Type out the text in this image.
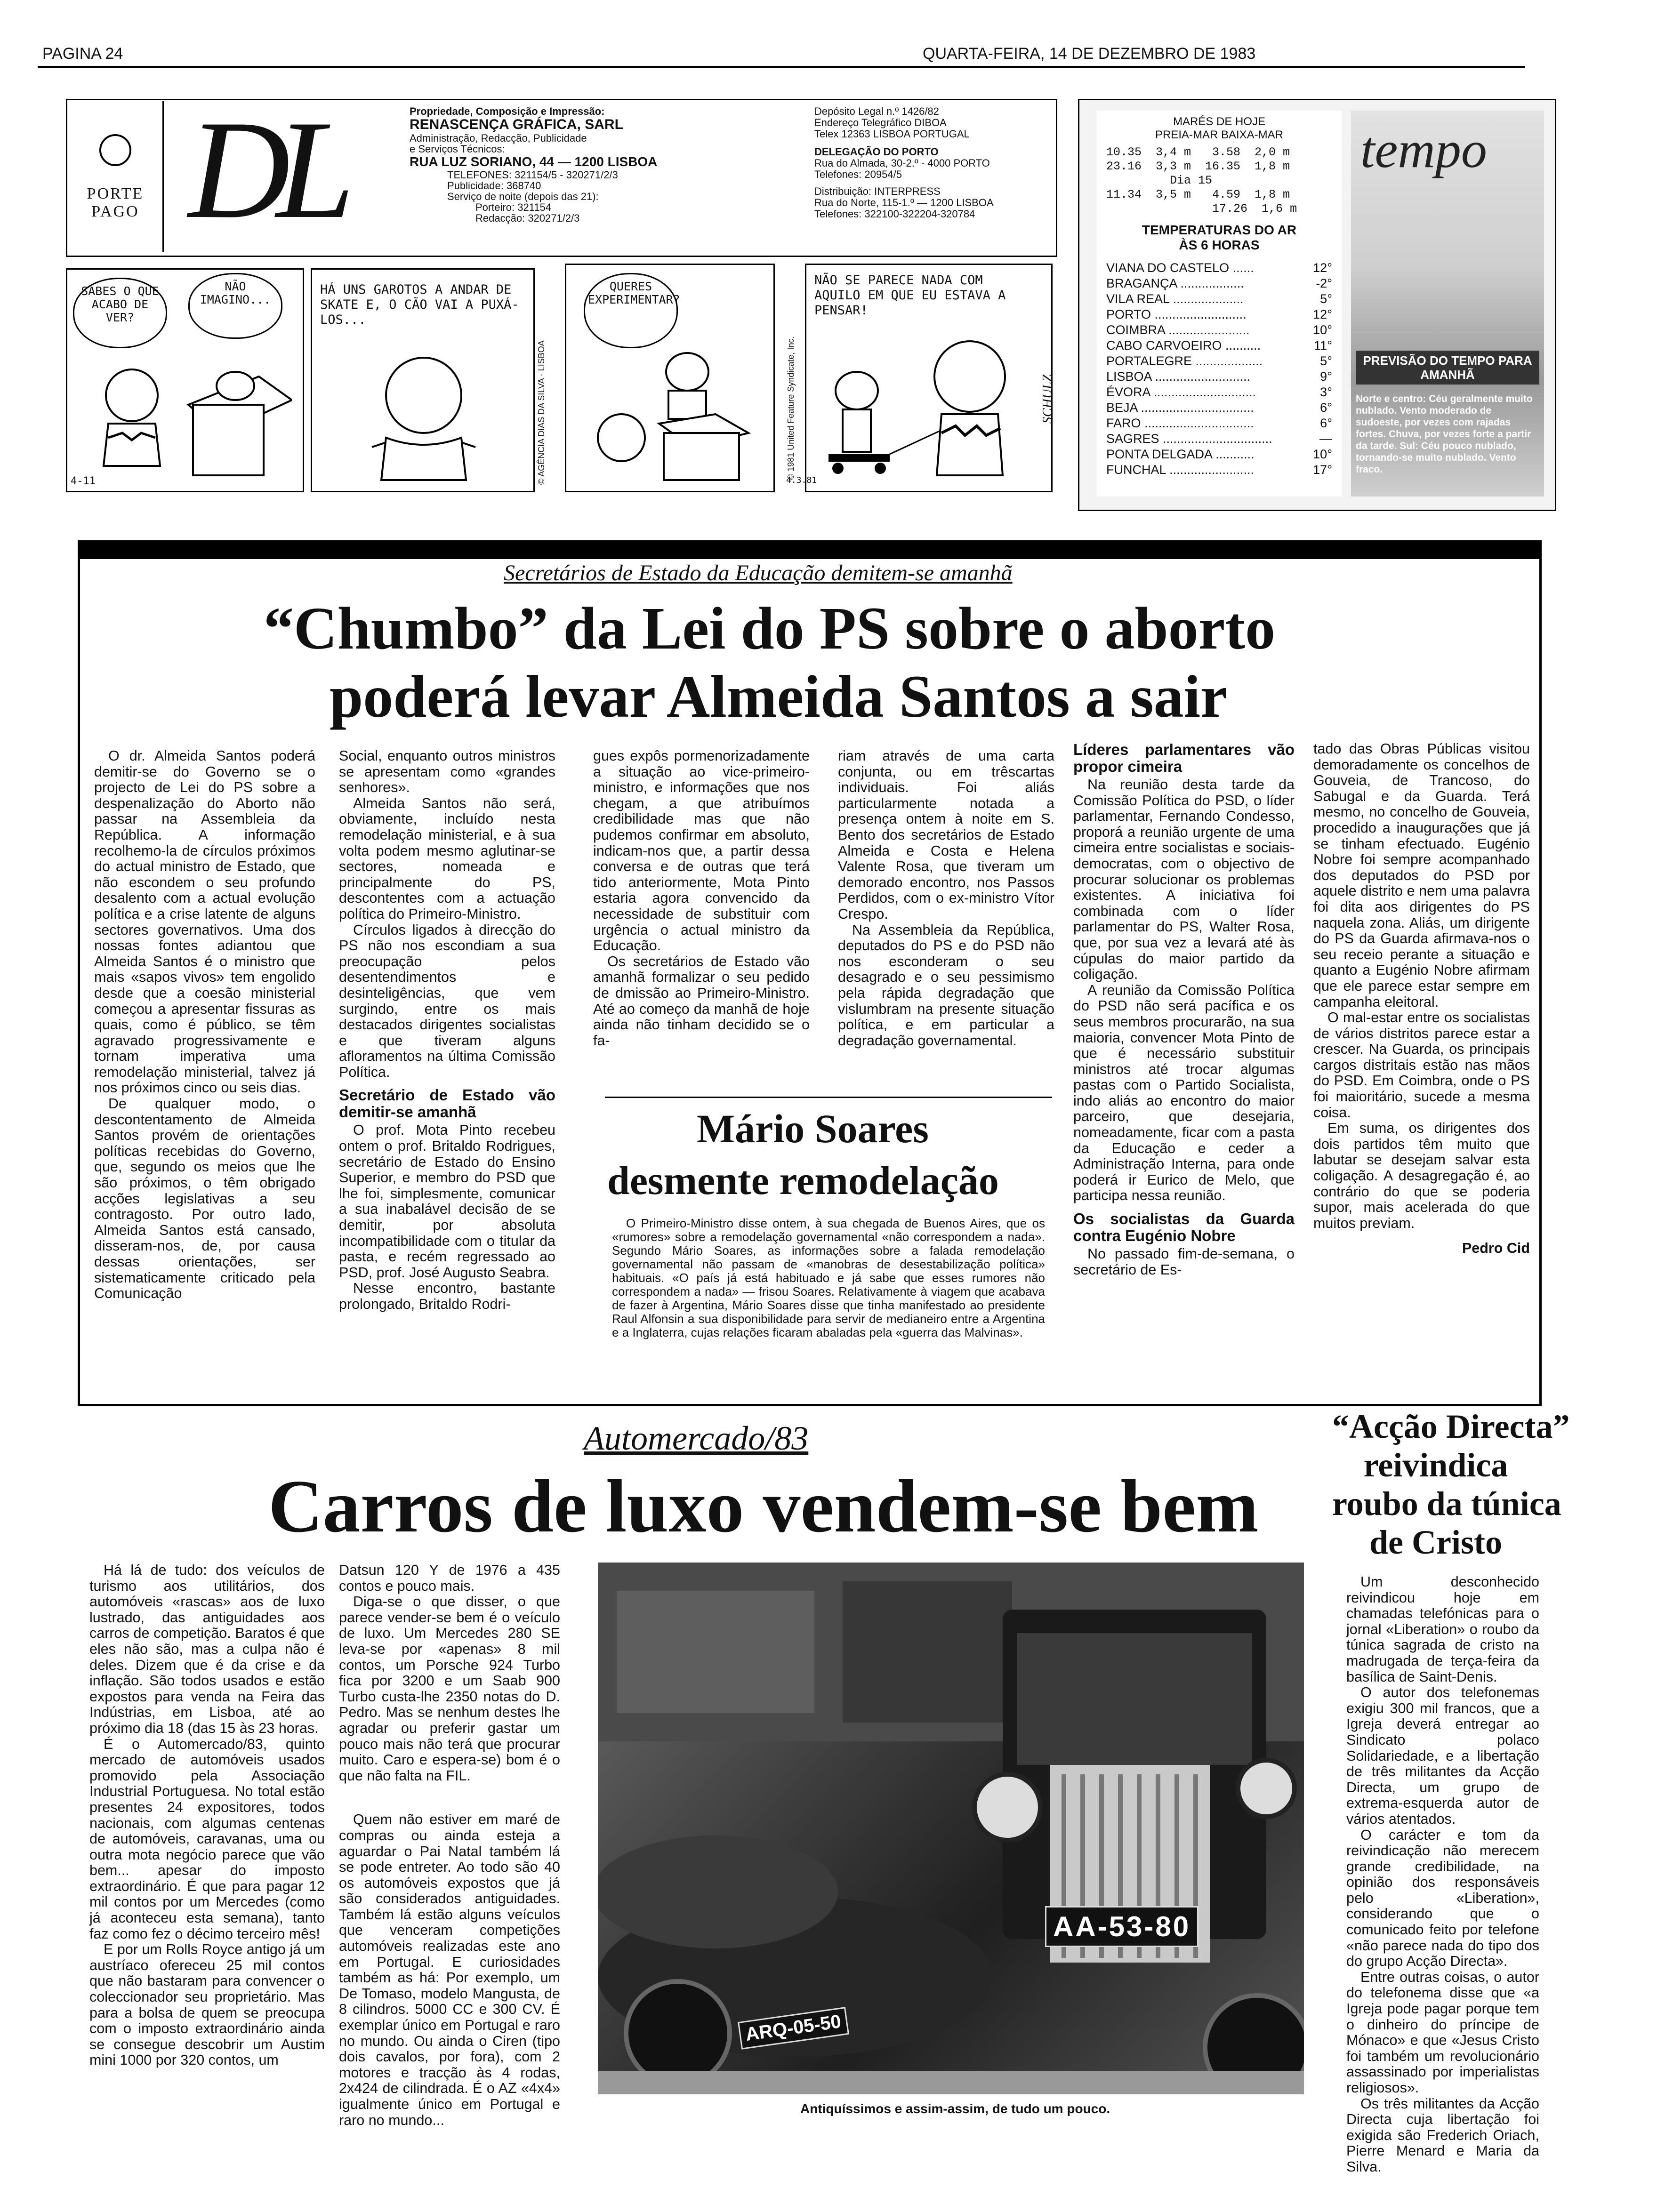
PAGINA 24	QUARTA-FEIRA, 14 DE DEZEMBRO DE 1983
PORTE
PAGO DL	Propriedade, Composição e Impressão:
RENASCENÇA GRÁFICA, SARL
Administração, Redacção, Publicidade
e Serviços Técnicos:
RUA LUZ SORIANO, 44 — 1200 LISBOA
TELEFONES: 321154/5 - 320271/2/3
Publicidade: 368740
Serviço de noite (depois das 21):
Porteiro: 321154
Redacção: 320271/2/3
Depósito Legal n.º 1426/82
Endereço Telegráfico DIBOA
Telex 12363 LISBOA PORTUGAL
DELEGAÇÃO DO PORTO
Rua do Almada, 30-2.º - 4000 PORTO
Telefones: 20954/5
Distribuição: INTERPRESS
Rua do Norte, 115-1.º — 1200 LISBOA
Telefones: 322100-322204-320784
SABES O QUE ACABO DE VER?
NÃO IMAGINO...
4-11
HÁ UNS GAROTOS A ANDAR DE SKATE E, O CÃO VAI A PUXÁ-LOS...
© AGÊNCIA DIAS DA SILVA - LISBOA
QUERES EXPERIMENTAR?
© 1981 United Feature Syndicate, Inc.
NÃO SE PARECE NADA COM AQUILO EM QUE EU ESTAVA A PENSAR!
4.3.81
SCHULZ
MARÉS DE HOJE
PREIA-MAR BAIXA-MAR
10.35  3,4 m   3.58  2,0 m
23.16  3,3 m  16.35  1,8 m
Dia 15
11.34  3,5 m   4.59  1,8 m
17.26  1,6 m
TEMPERATURAS DO AR
ÀS 6 HORAS
VIANA DO CASTELO ......	12°
BRAGANÇA ..................	-2°
VILA REAL ....................	5°
PORTO ..........................	12°
COIMBRA .......................	10°
CABO CARVOEIRO ..........	11°
PORTALEGRE ...................	5°
LISBOA ...........................	9°
ÉVORA .............................	3°
BEJA ................................	6°
FARO ...............................	6°
SAGRES ...............................	—
PONTA DELGADA ...........	10°
FUNCHAL ........................	17°
tempo
PREVISÃO DO TEMPO PARA AMANHÃ
Norte e centro: Céu geralmente muito nublado. Vento moderado de sudoeste, por vezes com rajadas fortes. Chuva, por vezes forte a partir da tarde. Sul: Céu pouco nublado, tornando-se muito nublado. Vento fraco.
Secretários de Estado da Educação demitem-se amanhã
“Chumbo” da Lei do PS sobre o aborto
poderá levar Almeida Santos a sair

O dr. Almeida Santos poderá demitir-se do Governo se o projecto de Lei do PS sobre a despenalização do Aborto não passar na Assembleia da República. A informação recolhemo-la de círculos próximos do actual ministro de Estado, que não escondem o seu profundo desalento com a actual evolução política e a crise latente de alguns sectores governativos. Uma dos nossas fontes adiantou que Almeida Santos é o ministro que mais «sapos vivos» tem engolido desde que a coesão ministerial começou a apresentar fissuras as quais, como é público, se têm agravado progressivamente e tornam imperativa uma remodelação ministerial, talvez já nos próximos cinco ou seis dias.

De qualquer modo, o descontentamento de Almeida Santos provém de orientações políticas recebidas do Governo, que, segundo os meios que lhe são próximos, o têm obrigado acções legislativas a seu contragosto. Por outro lado, Almeida Santos está cansado, disseram-nos, de, por causa dessas orientações, ser sistematicamente criticado pela Comunicação

Social, enquanto outros ministros se apresentam como «grandes senhores».

Almeida Santos não será, obviamente, incluído nesta remodelação ministerial, e à sua volta podem mesmo aglutinar-se sectores, nomeada e principalmente do PS, descontentes com a actuação política do Primeiro-Ministro.

Círculos ligados à direcção do PS não nos escondiam a sua preocupação pelos desentendimentos e desinteligências, que vem surgindo, entre os mais destacados dirigentes socialistas e que tiveram alguns afloramentos na última Comissão Política.

Secretário de Estado vão demitir-se amanhã

O prof. Mota Pinto recebeu ontem o prof. Britaldo Rodrigues, secretário de Estado do Ensino Superior, e membro do PSD que lhe foi, simplesmente, comunicar a sua inabalável decisão de se demitir, por absoluta incompatibilidade com o titular da pasta, e recém regressado ao PSD, prof. José Augusto Seabra.

Nesse encontro, bastante prolongado, Britaldo Rodri-

gues expôs pormenorizadamente a situação ao vice-primeiro-ministro, e informações que nos chegam, a que atribuímos credibilidade mas que não pudemos confirmar em absoluto, indicam-nos que, a partir dessa conversa e de outras que terá tido anteriormente, Mota Pinto estaria agora convencido da necessidade de substituir com urgência o actual ministro da Educação.

Os secretários de Estado vão amanhã formalizar o seu pedido de dmissão ao Primeiro-Ministro. Até ao começo da manhã de hoje ainda não tinham decidido se o fa-

riam através de uma carta conjunta, ou em trêscartas individuais. Foi aliás particularmente notada a presença ontem à noite em S. Bento dos secretários de Estado Almeida e Costa e Helena Valente Rosa, que tiveram um demorado encontro, nos Passos Perdidos, com o ex-ministro Vítor Crespo.

Na Assembleia da República, deputados do PS e do PSD não nos esconderam o seu desagrado e o seu pessimismo pela rápida degradação que vislumbram na presente situação política, e em particular a degradação governamental.

Líderes parlamentares vão propor cimeira

Na reunião desta tarde da Comissão Política do PSD, o líder parlamentar, Fernando Condesso, proporá a reunião urgente de uma cimeira entre socialistas e sociais-democratas, com o objectivo de procurar solucionar os problemas existentes. A iniciativa foi combinada com o líder parlamentar do PS, Walter Rosa, que, por sua vez a levará até às cúpulas do maior partido da coligação.

A reunião da Comissão Política do PSD não será pacífica e os seus membros procurarão, na sua maioria, convencer Mota Pinto de que é necessário substituir ministros até trocar algumas pastas com o Partido Socialista, indo aliás ao encontro do maior parceiro, que desejaria, nomeadamente, ficar com a pasta da Educação e ceder a Administração Interna, para onde poderá ir Eurico de Melo, que participa nessa reunião.

Os socialistas da Guarda contra Eugénio Nobre

No passado fim-de-semana, o secretário de Es-

tado das Obras Públicas visitou demoradamente os concelhos de Gouveia, de Trancoso, do Sabugal e da Guarda. Terá mesmo, no concelho de Gouveia, procedido a inaugurações que já se tinham efectuado. Eugénio Nobre foi sempre acompanhado dos deputados do PSD por aquele distrito e nem uma palavra foi dita aos dirigentes do PS naquela zona. Aliás, um dirigente do PS da Guarda afirmava-nos o seu receio perante a situação e quanto a Eugénio Nobre afirmam que ele parece estar sempre em campanha eleitoral.

O mal-estar entre os socialistas de vários distritos parece estar a crescer. Na Guarda, os principais cargos distritais estão nas mãos do PSD. Em Coimbra, onde o PS foi maioritário, sucede a mesma coisa.

Em suma, os dirigentes dos dois partidos têm muito que labutar se desejam salvar esta coligação. A desagregação é, ao contrário do que se poderia supor, mais acelerada do que muitos previam.

Pedro Cid
Mário Soares
desmente remodelação
O Primeiro-Ministro disse ontem, à sua chegada de Buenos Aires, que os «rumores» sobre a remodelação governamental «não correspondem a nada». Segundo Mário Soares, as informações sobre a falada remodelação governamental não passam de «manobras de desestabilização política» habituais. «O país já está habituado e já sabe que esses rumores não correspondem a nada» — frisou Soares. Relativamente à viagem que acabava de fazer à Argentina, Mário Soares disse que tinha manifestado ao presidente Raul Alfonsin a sua disponibilidade para servir de medianeiro entre a Argentina e a Inglaterra, cujas relações ficaram abaladas pela «guerra das Malvinas».
Automercado/83
Carros de luxo vendem-se bem

Há lá de tudo: dos veículos de turismo aos utilitários, dos automóveis «rascas» aos de luxo lustrado, das antiguidades aos carros de competição. Baratos é que eles não são, mas a culpa não é deles. Dizem que é da crise e da inflação. São todos usados e estão expostos para venda na Feira das Indústrias, em Lisboa, até ao próximo dia 18 (das 15 às 23 horas.

É o Automercado/83, quinto mercado de automóveis usados promovido pela Associação Industrial Portuguesa. No total estão presentes 24 expositores, todos nacionais, com algumas centenas de automóveis, caravanas, uma ou outra mota negócio parece que vão bem... apesar do imposto extraordinário. É que para pagar 12 mil contos por um Mercedes (como já aconteceu esta semana), tanto faz como fez o décimo terceiro mês!

E por um Rolls Royce antigo já um austríaco ofereceu 25 mil contos que não bastaram para convencer o coleccionador seu proprietário. Mas para a bolsa de quem se preocupa com o imposto extraordinário ainda se consegue descobrir um Austim mini 1000 por 320 contos, um

Datsun 120 Y de 1976 a 435 contos e pouco mais.

Diga-se o que disser, o que parece vender-se bem é o veículo de luxo. Um Mercedes 280 SE leva-se por «apenas» 8 mil contos, um Porsche 924 Turbo fica por 3200 e um Saab 900 Turbo custa-lhe 2350 notas do D. Pedro. Mas se nenhum destes lhe agradar ou preferir gastar um pouco mais não terá que procurar muito. Caro e espera-se) bom é o que não falta na FIL.

Quem não estiver em maré de compras ou ainda esteja a aguardar o Pai Natal também lá se pode entreter. Ao todo são 40 os automóveis expostos que já são considerados antiguidades. Também lá estão alguns veículos que venceram competições automóveis realizadas este ano em Portugal. E curiosidades também as há: Por exemplo, um De Tomaso, modelo Mangusta, de 8 cilindros. 5000 CC e 300 CV. É exemplar único em Portugal e raro no mundo. Ou ainda o Ciren (tipo dois cavalos, por fora), com 2 motores e tracção às 4 rodas, 2x424 de cilindrada. É o AZ «4x4» igualmente único em Portugal e raro no mundo...

AA-53-80
ARQ-05-50
Antiquíssimos e assim-assim, de tudo um pouco.
“Acção Directa”
reivindica
roubo da túnica
de Cristo

Um desconhecido reivindicou hoje em chamadas telefónicas para o jornal «Liberation» o roubo da túnica sagrada de cristo na madrugada de terça-feira da basílica de Saint-Denis.

O autor dos telefonemas exigiu 300 mil francos, que a Igreja deverá entregar ao Sindicato polaco Solidariedade, e a libertação de três militantes da Acção Directa, um grupo de extrema-esquerda autor de vários atentados.

O carácter e tom da reivindicação não merecem grande credibilidade, na opinião dos responsáveis pelo «Liberation», considerando que o comunicado feito por telefone «não parece nada do tipo dos do grupo Acção Directa».

Entre outras coisas, o autor do telefonema disse que «a Igreja pode pagar porque tem o dinheiro do príncipe de Mónaco» e que «Jesus Cristo foi também um revolucionário assassinado por imperialistas religiosos».

Os três militantes da Acção Directa cuja libertação foi exigida são Frederich Oriach, Pierre Menard e Maria da Silva.
